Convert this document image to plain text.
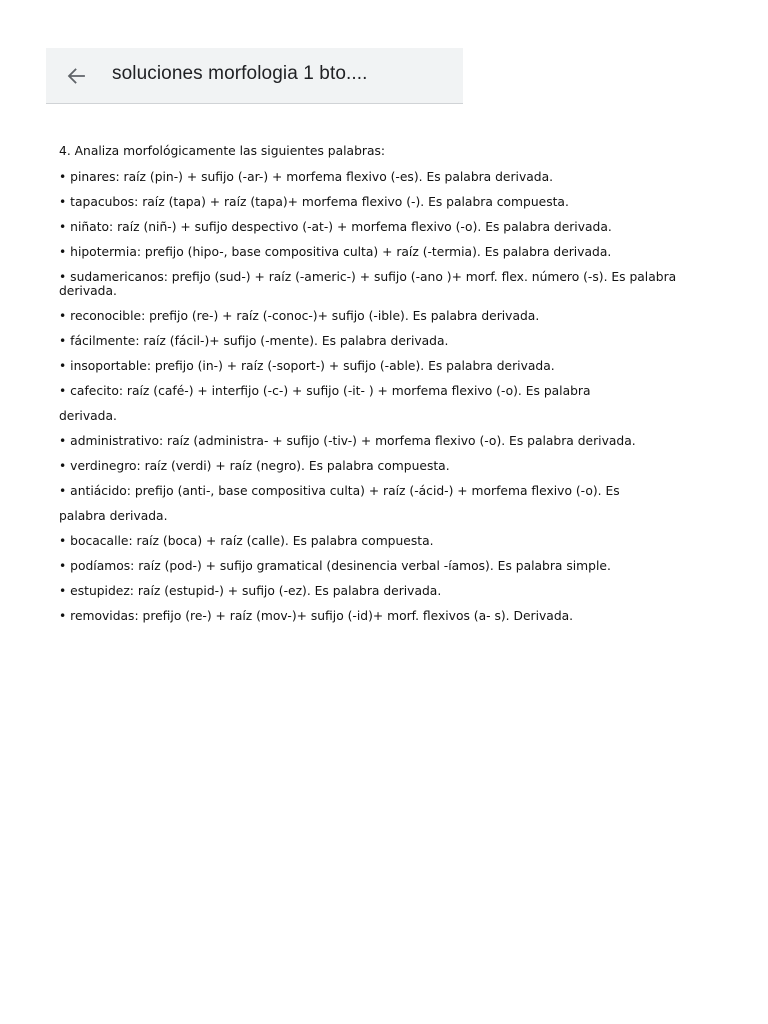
soluciones morfologia 1 bto....

4. Analiza morfológicamente las siguientes palabras:

• pinares: raíz (pin-) + sufijo (-ar-) + morfema flexivo (-es). Es palabra derivada.

• tapacubos: raíz (tapa) + raíz (tapa)+ morfema flexivo (-). Es palabra compuesta.

• niñato: raíz (niñ-) + sufijo despectivo (-at-) + morfema flexivo (-o). Es palabra derivada.

• hipotermia: prefijo (hipo-, base compositiva culta) + raíz (-termia). Es palabra derivada.

• sudamericanos: prefijo (sud-) + raíz (-americ-) + sufijo (-ano )+ morf. flex. número (-s). Es palabra derivada.

• reconocible: prefijo (re-) + raíz (-conoc-)+ sufijo (-ible). Es palabra derivada.

• fácilmente: raíz (fácil-)+ sufijo (-mente). Es palabra derivada.

• insoportable: prefijo (in-) + raíz (-soport-) + sufijo (-able). Es palabra derivada.

• cafecito: raíz (café-) + interfijo (-c-) + sufijo (-it- ) + morfema flexivo (-o). Es palabra

derivada.

• administrativo: raíz (administra- + sufijo (-tiv-) + morfema flexivo (-o). Es palabra derivada.

• verdinegro: raíz (verdi) + raíz (negro). Es palabra compuesta.

• antiácido: prefijo (anti-, base compositiva culta) + raíz (-ácid-) + morfema flexivo (-o). Es

palabra derivada.

• bocacalle: raíz (boca) + raíz (calle). Es palabra compuesta.

• podíamos: raíz (pod-) + sufijo gramatical (desinencia verbal -íamos). Es palabra simple.

• estupidez: raíz (estupid-) + sufijo (-ez). Es palabra derivada.

• removidas: prefijo (re-) + raíz (mov-)+ sufijo (-id)+ morf. flexivos (a- s). Derivada.
